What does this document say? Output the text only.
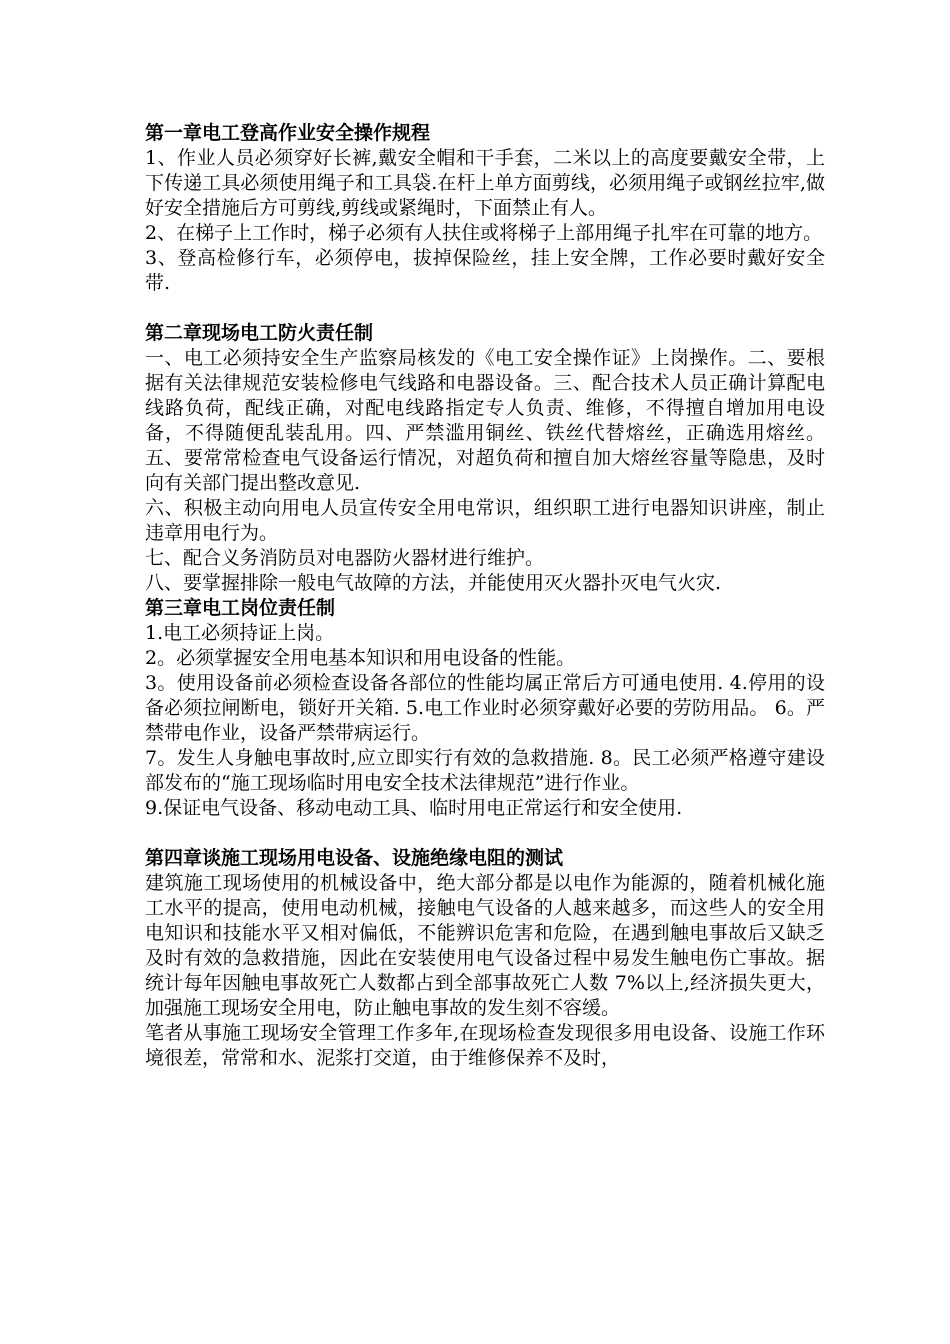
第一章电工登高作业安全操作规程

1、作业人员必须穿好长裤,戴安全帽和干手套，二米以上的高度要戴安全带，上下传递工具必须使用绳子和工具袋.在杆上单方面剪线，必须用绳子或钢丝拉牢,做好安全措施后方可剪线,剪线或紧绳时，下面禁止有人。

2、在梯子上工作时，梯子必须有人扶住或将梯子上部用绳子扎牢在可靠的地方。

3、登高检修行车，必须停电，拔掉保险丝，挂上安全牌，工作必要时戴好安全带.

第二章现场电工防火责任制

一、电工必须持安全生产监察局核发的《电工安全操作证》上岗操作。二、要根据有关法律规范安装检修电气线路和电器设备。三、配合技术人员正确计算配电线路负荷，配线正确，对配电线路指定专人负责、维修，不得擅自增加用电设备，不得随便乱装乱用。四、严禁滥用铜丝、铁丝代替熔丝，正确选用熔丝。五、要常常检查电气设备运行情况，对超负荷和擅自加大熔丝容量等隐患，及时向有关部门提出整改意见.

六、积极主动向用电人员宣传安全用电常识，组织职工进行电器知识讲座，制止违章用电行为。

七、配合义务消防员对电器防火器材进行维护。

八、要掌握排除一般电气故障的方法，并能使用灭火器扑灭电气火灾.

第三章电工岗位责任制

1.电工必须持证上岗。

2。必须掌握安全用电基本知识和用电设备的性能。

3。使用设备前必须检查设备各部位的性能均属正常后方可通电使用. 4.停用的设备必须拉闸断电，锁好开关箱. 5.电工作业时必须穿戴好必要的劳防用品。 6。严禁带电作业，设备严禁带病运行。

7。发生人身触电事故时,应立即实行有效的急救措施. 8。民工必须严格遵守建设部发布的“施工现场临时用电安全技术法律规范”进行作业。

9.保证电气设备、移动电动工具、临时用电正常运行和安全使用.

第四章谈施工现场用电设备、设施绝缘电阻的测试

建筑施工现场使用的机械设备中，绝大部分都是以电作为能源的，随着机械化施工水平的提高，使用电动机械，接触电气设备的人越来越多，而这些人的安全用电知识和技能水平又相对偏低，不能辨识危害和危险，在遇到触电事故后又缺乏及时有效的急救措施，因此在安装使用电气设备过程中易发生触电伤亡事故。据统计每年因触电事故死亡人数都占到全部事故死亡人数 7%以上,经济损失更大，加强施工现场安全用电，防止触电事故的发生刻不容缓。

笔者从事施工现场安全管理工作多年,在现场检查发现很多用电设备、设施工作环境很差，常常和水、泥浆打交道，由于维修保养不及时，
